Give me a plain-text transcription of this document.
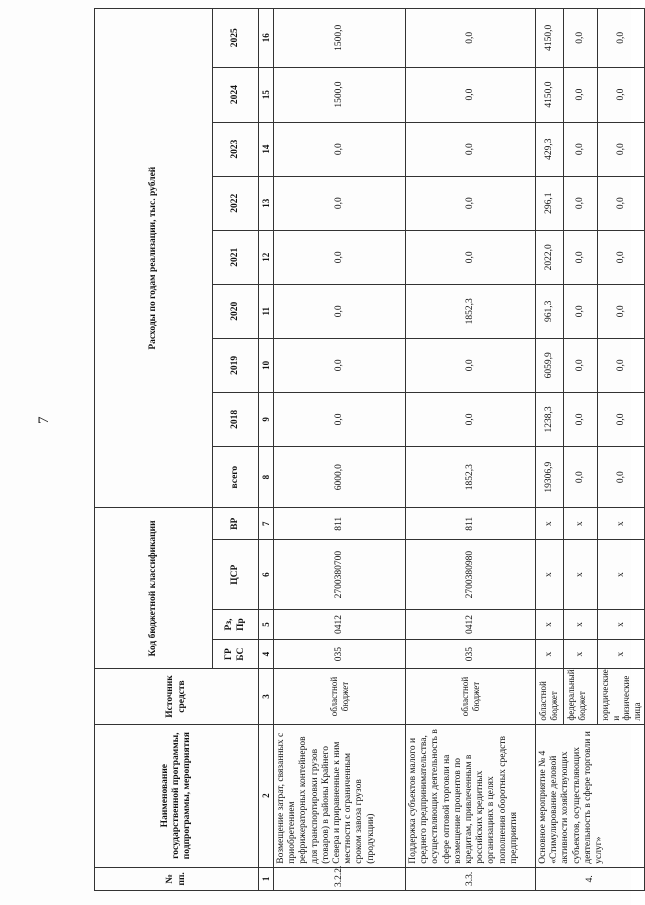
7
№ пп.	Наименование государственной программы, подпрограммы, мероприятия	Источник средств	Код бюджетной классификации				Расходы по годам реализации, тыс. рублей								
			ГР БС	Рз, Пр	ЦСР	ВР	всего	2018	2019	2020	2021	2022	2023	2024	2025
1	2	3	4	5	6	7	8	9	10	11	12	13	14	15	16
3.2.2.	Возмещение затрат, связанных с приобретением рефрижераторных контейнеров для транспортировки грузов (товаров) в районы Крайнего Севера и приравненные к ним местности с ограниченным сроком завоза грузов (продукции)	областной бюджет	035	0412	2700380700	811	6000,0	0,0	0,0	0,0	0,0	0,0	0,0	1500,0	1500,0
3.3.	Поддержка субъектов малого и среднего предпринимательства, осуществляющих деятельность в сфере оптовой торговли на возмещение процентов по кредитам, привлеченным в российских кредитных организациях в целях пополнения оборотных средств предприятия	областной бюджет	035	0412	2700380980	811	1852,3	0,0	0,0	1852,3	0,0	0,0	0,0	0,0	0,0
4.	Основное мероприятие № 4 «Стимулирование деловой активности хозяйствующих субъектов, осуществляющих деятельность в сфере торговли и услуг»	областной бюджет	x	x	x	x	19306,9	1238,3	6059,9	961,3	2022,0	296,1	429,3	4150,0	4150,0
		федеральный бюджет	x	x	x	x	0,0	0,0	0,0	0,0	0,0	0,0	0,0	0,0	0,0
		юридические и физические лица	x	x	x	x	0,0	0,0	0,0	0,0	0,0	0,0	0,0	0,0	0,0
